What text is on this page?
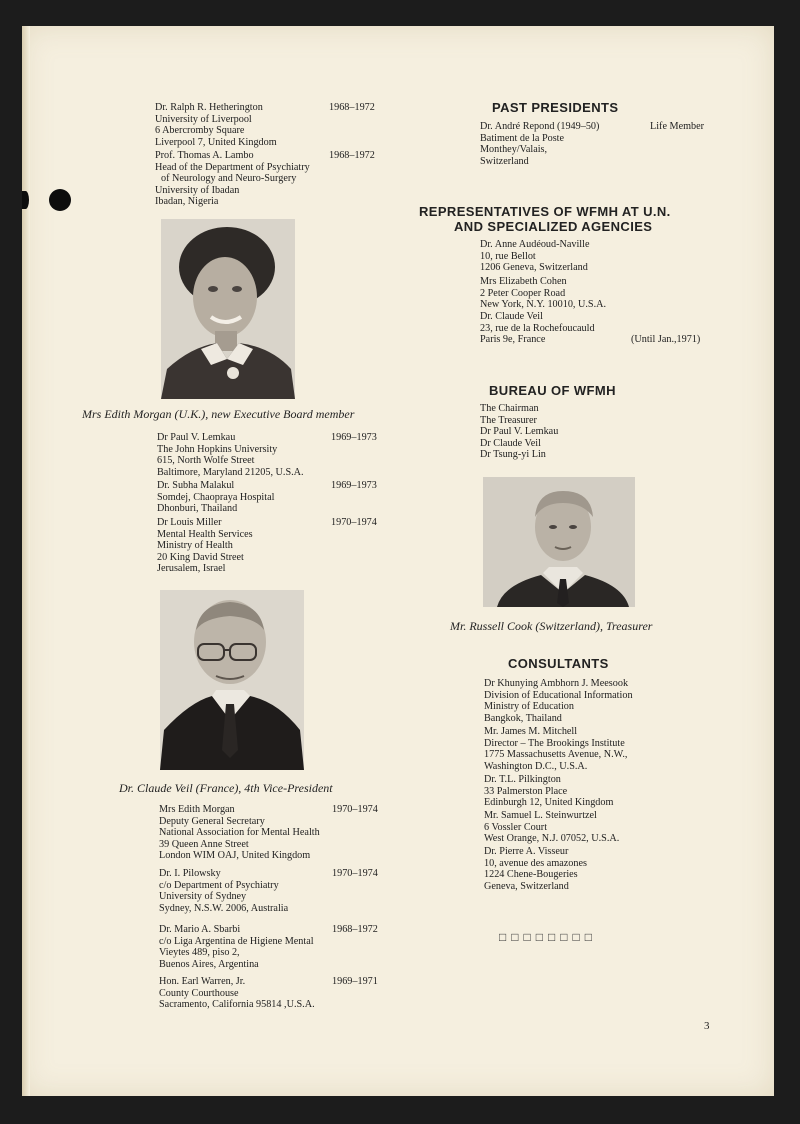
Dr. Ralph R. Hetherington
University of Liverpool
6 Abercromby Square
Liverpool 7, United Kingdom
1968–1972
Prof. Thomas A. Lambo
Head of the Department of Psychiatry
of Neurology and Neuro-Surgery
University of Ibadan
Ibadan, Nigeria
1968–1972
Mrs Edith Morgan (U.K.), new Executive Board member
Dr Paul V. Lemkau
The John Hopkins University
615, North Wolfe Street
Baltimore, Maryland 21205, U.S.A.
1969–1973
Dr. Subha Malakul
Somdej, Chaopraya Hospital
Dhonburi, Thailand
1969–1973
Dr Louis Miller
Mental Health Services
Ministry of Health
20 King David Street
Jerusalem, Israel
1970–1974
Dr. Claude Veil (France), 4th Vice-President
Mrs Edith Morgan
Deputy General Secretary
National Association for Mental Health
39 Queen Anne Street
London WIM OAJ, United Kingdom
1970–1974
Dr. I. Pilowsky
c/o Department of Psychiatry
University of Sydney
Sydney, N.S.W. 2006, Australia
1970–1974
Dr. Mario A. Sbarbi
c/o Liga Argentina de Higiene Mental
Vieytes 489, piso 2,
Buenos Aires, Argentina
1968–1972
Hon. Earl Warren, Jr.
County Courthouse
Sacramento, California 95814 ,U.S.A.
1969–1971
PAST PRESIDENTS
Dr. André Repond (1949–50)
Batiment de la Poste
Monthey/Valais,
Switzerland
Life Member
REPRESENTATIVES OF WFMH AT U.N.
AND SPECIALIZED AGENCIES
Dr. Anne Audéoud-Naville
10, rue Bellot
1206 Geneva, Switzerland
Mrs Elizabeth Cohen
2 Peter Cooper Road
New York, N.Y. 10010, U.S.A.
Dr. Claude Veil
23, rue de la Rochefoucauld
Paris 9e, France	(Until Jan.,1971)
BUREAU OF WFMH
The Chairman
The Treasurer
Dr Paul V. Lemkau
Dr Claude Veil
Dr Tsung-yi Lin
Mr. Russell Cook (Switzerland), Treasurer
CONSULTANTS
Dr Khunying Ambhorn J. Meesook
Division of Educational Information
Ministry of Education
Bangkok, Thailand
Mr. James M. Mitchell
Director – The Brookings Institute
1775 Massachusetts Avenue, N.W.,
Washington D.C., U.S.A.
Dr. T.L. Pilkington
33 Palmerston Place
Edinburgh 12, United Kingdom
Mr. Samuel L. Steinwurtzel
6 Vossler Court
West Orange, N.J. 07052, U.S.A.
Dr. Pierre A. Visseur
10, avenue des amazones
1224 Chene-Bougeries
Geneva, Switzerland
□□□□□□□□
3
